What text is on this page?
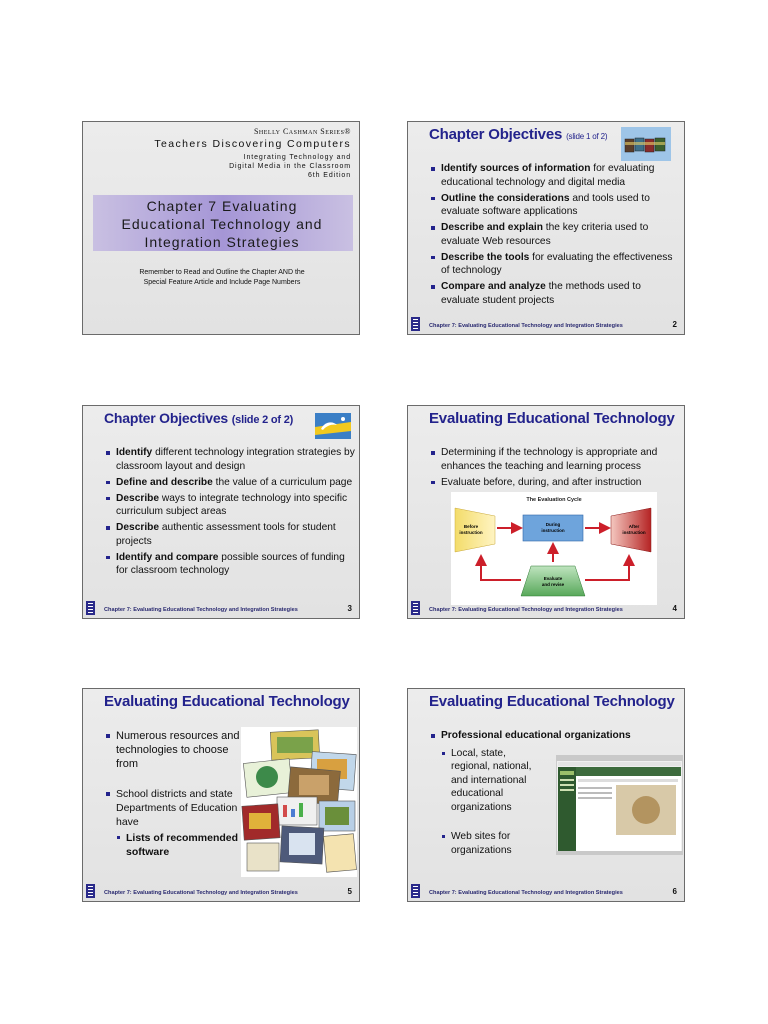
Shelly Cashman Series®
Teachers Discovering Computers
Integrating Technology and
Digital Media in the Classroom
6th Edition
Chapter 7 Evaluating
Educational Technology and
Integration Strategies
Remember to Read and Outline the Chapter AND the
Special Feature Article and Include Page Numbers
Chapter Objectives (slide 1 of 2)
Identify sources of information for evaluating educational technology and digital media
Outline the considerations and tools used to evaluate software applications
Describe and explain the key criteria used to evaluate Web resources
Describe the tools for evaluating the effectiveness of technology
Compare and analyze the methods used to evaluate student projects
Chapter 7: Evaluating Educational Technology and Integration Strategies	2
Chapter Objectives (slide 2 of 2)
Identify different technology integration strategies by classroom layout and design
Define and describe the value of a curriculum page
Describe ways to integrate technology into specific curriculum subject areas
Describe authentic assessment tools for student projects
Identify and compare possible sources of funding for classroom technology
Chapter 7: Evaluating Educational Technology and Integration Strategies	3
Evaluating Educational Technology
Determining if the technology is appropriate and enhances the teaching and learning process
Evaluate before, during, and after instruction
The Evaluation Cycle
Before
instruction
During
instruction
After
instruction
Evaluate
and revise
Chapter 7: Evaluating Educational Technology and Integration Strategies	4
Evaluating Educational Technology
Numerous resources and technologies to choose from
School districts and state Departments of Education have
Lists of recommended software
Chapter 7: Evaluating Educational Technology and Integration Strategies	5
Evaluating Educational Technology
Professional educational organizations
Local, state, regional, national, and international educational organizations
Web sites for organizations
Chapter 7: Evaluating Educational Technology and Integration Strategies	6
